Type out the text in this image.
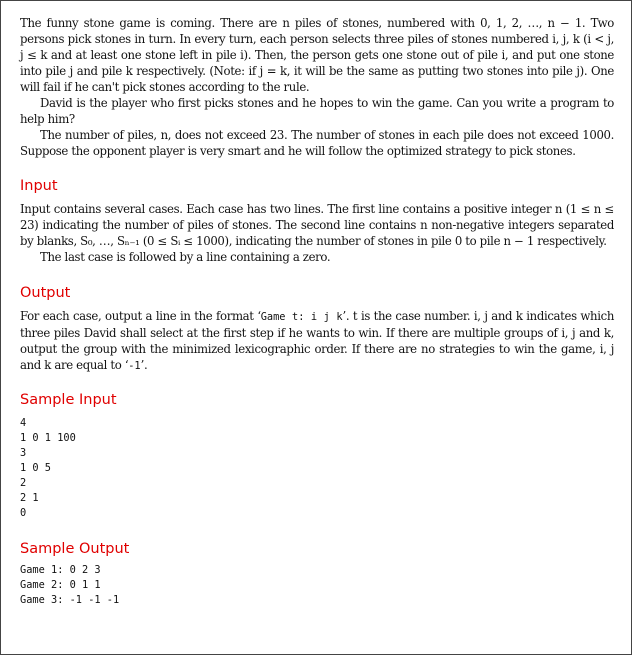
The funny stone game is coming. There are n piles of stones, numbered with 0, 1, 2, …, n − 1. Two persons pick stones in turn. In every turn, each person selects three piles of stones numbered i, j, k (i < j, j ≤ k and at least one stone left in pile i). Then, the person gets one stone out of pile i, and put one stone into pile j and pile k respectively. (Note: if j = k, it will be the same as putting two stones into pile j). One will fail if he can't pick stones according to the rule.

David is the player who first picks stones and he hopes to win the game. Can you write a program to help him?

The number of piles, n, does not exceed 23. The number of stones in each pile does not exceed 1000. Suppose the opponent player is very smart and he will follow the optimized strategy to pick stones.

Input

Input contains several cases. Each case has two lines. The first line contains a positive integer n (1 ≤ n ≤ 23) indicating the number of piles of stones. The second line contains n non-negative integers separated by blanks, S₀, …, Sₙ₋₁ (0 ≤ Sᵢ ≤ 1000), indicating the number of stones in pile 0 to pile n − 1 respectively.

The last case is followed by a line containing a zero.

Output

For each case, output a line in the format ‘Game t: i j k’. t is the case number. i, j and k indicates which three piles David shall select at the first step if he wants to win. If there are multiple groups of i, j and k, output the group with the minimized lexicographic order. If there are no strategies to win the game, i, j and k are equal to ‘-1’.

Sample Input
4
1 0 1 100
3
1 0 5
2
2 1
0
Sample Output
Game 1: 0 2 3
Game 2: 0 1 1
Game 3: -1 -1 -1
